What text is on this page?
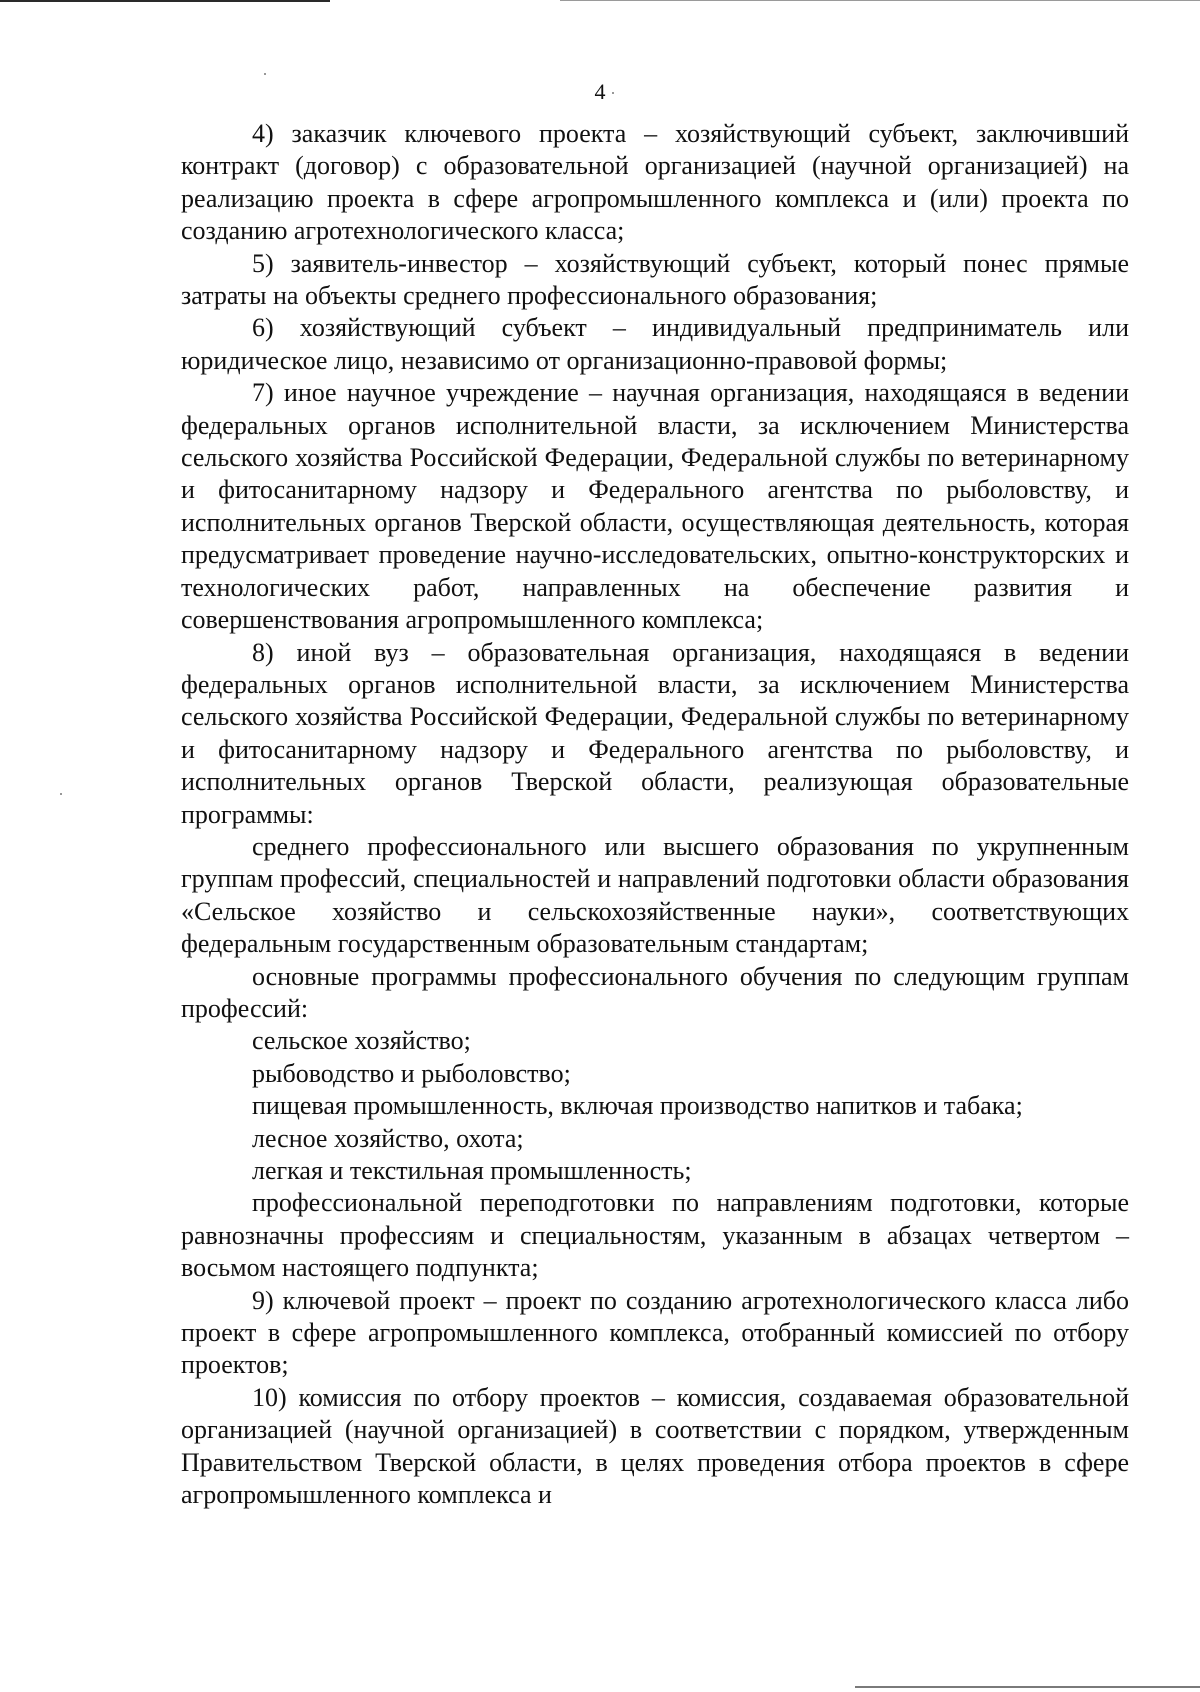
4

4) заказчик ключевого проекта – хозяйствующий субъект, заключивший контракт (договор) с образовательной организацией (научной организацией) на реализацию проекта в сфере агропромышленного комплекса и (или) проекта по созданию агротехнологического класса;

5) заявитель-инвестор – хозяйствующий субъект, который понес прямые затраты на объекты среднего профессионального образования;

6) хозяйствующий субъект – индивидуальный предприниматель или юридическое лицо, независимо от организационно-правовой формы;

7) иное научное учреждение – научная организация, находящаяся в ведении федеральных органов исполнительной власти, за исключением Министерства сельского хозяйства Российской Федерации, Федеральной службы по ветеринарному и фитосанитарному надзору и Федерального агентства по рыболовству, и исполнительных органов Тверской области, осуществляющая деятельность, которая предусматривает проведение научно-исследовательских, опытно-конструкторских и технологических работ, направленных на обеспечение развития и совершенствования агропромышленного комплекса;

8) иной вуз – образовательная организация, находящаяся в ведении федеральных органов исполнительной власти, за исключением Министерства сельского хозяйства Российской Федерации, Федеральной службы по ветеринарному и фитосанитарному надзору и Федерального агентства по рыболовству, и исполнительных органов Тверской области, реализующая образовательные программы:

среднего профессионального или высшего образования по укрупненным группам профессий, специальностей и направлений подготовки области образования «Сельское хозяйство и сельскохозяйственные науки», соответствующих федеральным государственным образовательным стандартам;

основные программы профессионального обучения по следующим группам профессий:

сельское хозяйство;

рыбоводство и рыболовство;

пищевая промышленность, включая производство напитков и табака;

лесное хозяйство, охота;

легкая и текстильная промышленность;

профессиональной переподготовки по направлениям подготовки, которые равнозначны профессиям и специальностям, указанным в абзацах четвертом – восьмом настоящего подпункта;

9) ключевой проект – проект по созданию агротехнологического класса либо проект в сфере агропромышленного комплекса, отобранный комиссией по отбору проектов;

10) комиссия по отбору проектов – комиссия, создаваемая образовательной организацией (научной организацией) в соответствии с порядком, утвержденным Правительством Тверской области, в целях проведения отбора проектов в сфере агропромышленного комплекса и
